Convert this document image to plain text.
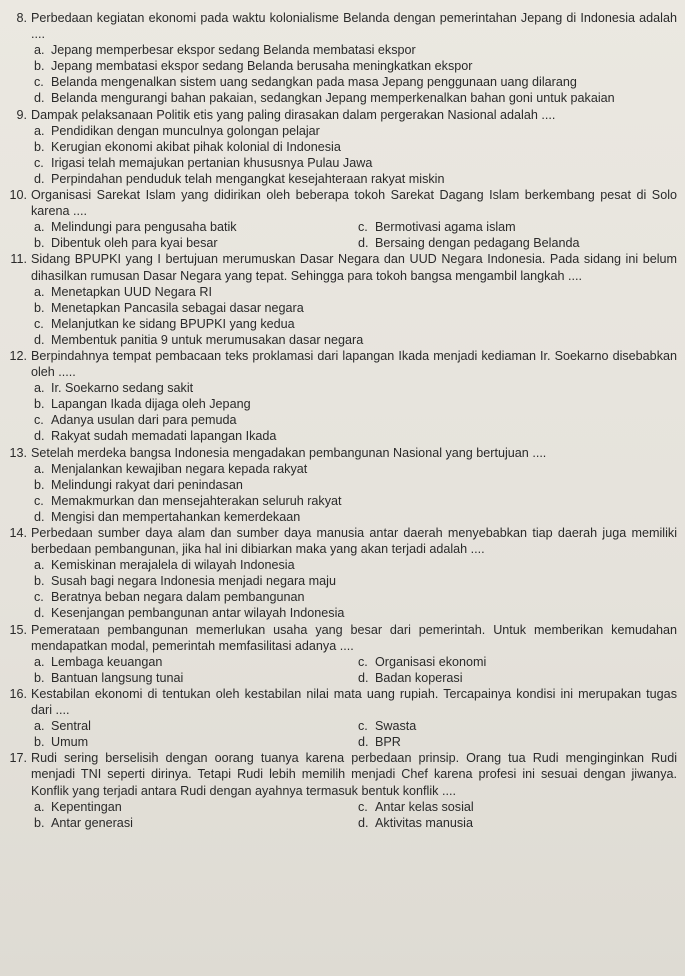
8. Perbedaan kegiatan ekonomi pada waktu kolonialisme Belanda dengan pemerintahan Jepang di Indonesia adalah ....
a. Jepang memperbesar ekspor sedang Belanda membatasi ekspor
b. Jepang membatasi ekspor sedang Belanda berusaha meningkatkan ekspor
c. Belanda mengenalkan sistem uang sedangkan pada masa Jepang penggunaan uang dilarang
d. Belanda mengurangi bahan pakaian, sedangkan Jepang memperkenalkan bahan goni untuk pakaian
9. Dampak pelaksanaan Politik etis yang paling dirasakan dalam pergerakan Nasional adalah ....
a. Pendidikan dengan munculnya golongan pelajar
b. Kerugian ekonomi akibat pihak kolonial di Indonesia
c. Irigasi telah memajukan pertanian khususnya Pulau Jawa
d. Perpindahan penduduk telah mengangkat kesejahteraan rakyat miskin
10. Organisasi Sarekat Islam yang didirikan oleh beberapa tokoh Sarekat Dagang Islam berkembang pesat di Solo karena ....
a. Melindungi para pengusaha batik	c. Bermotivasi agama islam
b. Dibentuk oleh para kyai besar	d. Bersaing dengan pedagang Belanda
11. Sidang BPUPKI yang I bertujuan merumuskan Dasar Negara dan UUD Negara Indonesia. Pada sidang ini belum dihasilkan rumusan Dasar Negara yang tepat. Sehingga para tokoh bangsa mengambil langkah ....
a. Menetapkan UUD Negara RI
b. Menetapkan Pancasila sebagai dasar negara
c. Melanjutkan ke sidang BPUPKI yang kedua
d. Membentuk panitia 9 untuk merumusakan dasar negara
12. Berpindahnya tempat pembacaan teks proklamasi dari lapangan Ikada menjadi kediaman Ir. Soekarno disebabkan oleh .....
a. Ir. Soekarno sedang sakit
b. Lapangan Ikada dijaga oleh Jepang
c. Adanya usulan dari para pemuda
d. Rakyat sudah memadati lapangan Ikada
13. Setelah merdeka bangsa Indonesia mengadakan pembangunan Nasional yang bertujuan ....
a. Menjalankan kewajiban negara kepada rakyat
b. Melindungi rakyat dari penindasan
c. Memakmurkan dan mensejahterakan seluruh rakyat
d. Mengisi dan mempertahankan kemerdekaan
14. Perbedaan sumber daya alam dan sumber daya manusia antar daerah menyebabkan tiap daerah juga memiliki berbedaan pembangunan, jika hal ini dibiarkan maka yang akan terjadi adalah ....
a. Kemiskinan merajalela di wilayah Indonesia
b. Susah bagi negara Indonesia menjadi negara maju
c. Beratnya beban negara dalam pembangunan
d. Kesenjangan pembangunan antar wilayah Indonesia
15. Pemerataan pembangunan memerlukan usaha yang besar dari pemerintah. Untuk memberikan kemudahan mendapatkan modal, pemerintah memfasilitasi adanya ....
a. Lembaga keuangan	c. Organisasi ekonomi
b. Bantuan langsung tunai	d. Badan koperasi
16. Kestabilan ekonomi di tentukan oleh kestabilan nilai mata uang rupiah. Tercapainya kondisi ini merupakan tugas dari ....
a. Sentral	c. Swasta
b. Umum	d. BPR
17. Rudi sering berselisih dengan oorang tuanya karena perbedaan prinsip. Orang tua Rudi menginginkan Rudi menjadi TNI seperti dirinya. Tetapi Rudi lebih memilih menjadi Chef karena profesi ini sesuai dengan jiwanya. Konflik yang terjadi antara Rudi dengan ayahnya termasuk bentuk konflik ....
a. Kepentingan	c. Antar kelas sosial
b. Antar generasi	d. Aktivitas manusia
